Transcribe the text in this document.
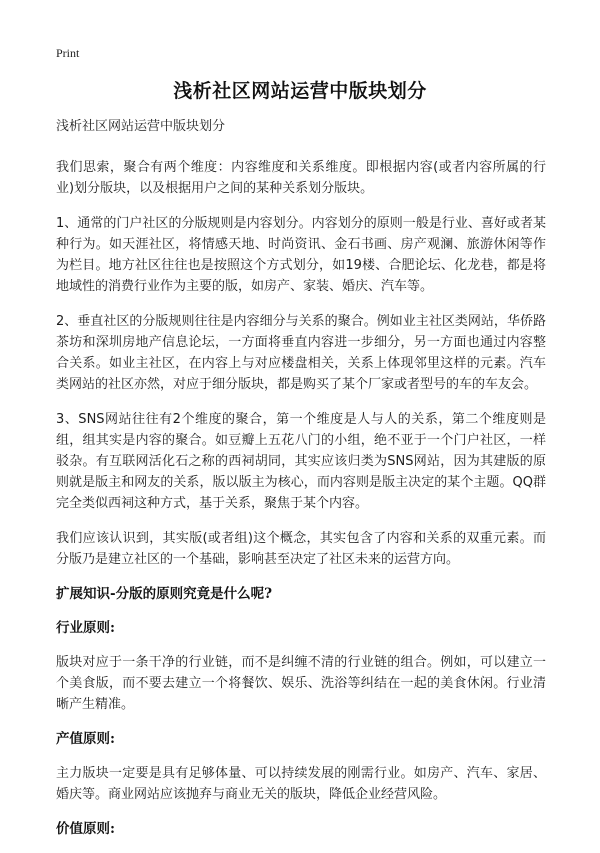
Print
浅析社区网站运营中版块划分

浅析社区网站运营中版块划分

我们思索，聚合有两个维度：内容维度和关系维度。即根据内容(或者内容所属的行业)划分版块，以及根据用户之间的某种关系划分版块。

1、通常的门户社区的分版规则是内容划分。内容划分的原则一般是行业、喜好或者某种行为。如天涯社区，将情感天地、时尚资讯、金石书画、房产观澜、旅游休闲等作为栏目。地方社区往往也是按照这个方式划分，如19楼、合肥论坛、化龙巷，都是将地域性的消费行业作为主要的版，如房产、家装、婚庆、汽车等。

2、垂直社区的分版规则往往是内容细分与关系的聚合。例如业主社区类网站，华侨路茶坊和深圳房地产信息论坛，一方面将垂直内容进一步细分，另一方面也通过内容整合关系。如业主社区，在内容上与对应楼盘相关，关系上体现邻里这样的元素。汽车类网站的社区亦然，对应于细分版块，都是购买了某个厂家或者型号的车的车友会。

3、SNS网站往往有2个维度的聚合，第一个维度是人与人的关系，第二个维度则是组，组其实是内容的聚合。如豆瓣上五花八门的小组，绝不亚于一个门户社区，一样驳杂。有互联网活化石之称的西祠胡同，其实应该归类为SNS网站，因为其建版的原则就是版主和网友的关系，版以版主为核心，而内容则是版主决定的某个主题。QQ群完全类似西祠这种方式，基于关系，聚焦于某个内容。

我们应该认识到，其实版(或者组)这个概念，其实包含了内容和关系的双重元素。而分版乃是建立社区的一个基础，影响甚至决定了社区未来的运营方向。

扩展知识-分版的原则究竟是什么呢?

行业原则:

版块对应于一条干净的行业链，而不是纠缠不清的行业链的组合。例如，可以建立一个美食版，而不要去建立一个将餐饮、娱乐、洗浴等纠结在一起的美食休闲。行业清晰产生精准。

产值原则:

主力版块一定要是具有足够体量、可以持续发展的刚需行业。如房产、汽车、家居、婚庆等。商业网站应该抛弃与商业无关的版块，降低企业经营风险。

价值原则:
